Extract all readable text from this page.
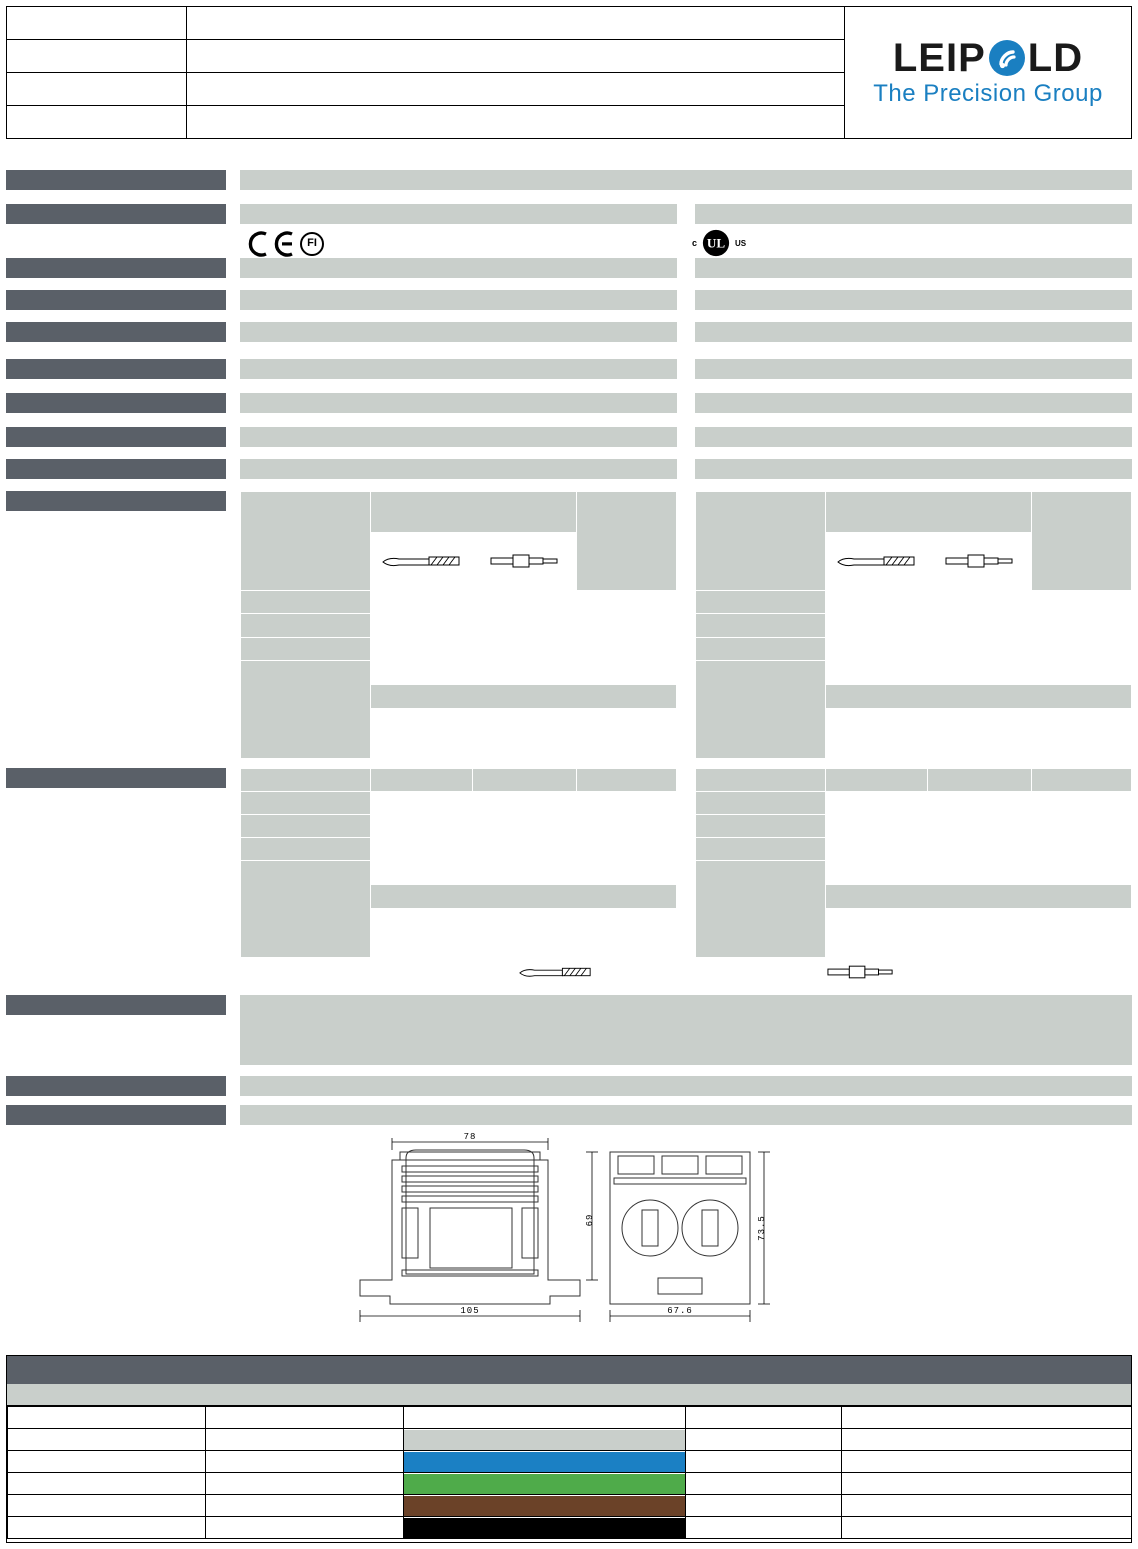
LEIP LD
The Precision Group
FI	c UL US

78
105
69	73.5
67.6
